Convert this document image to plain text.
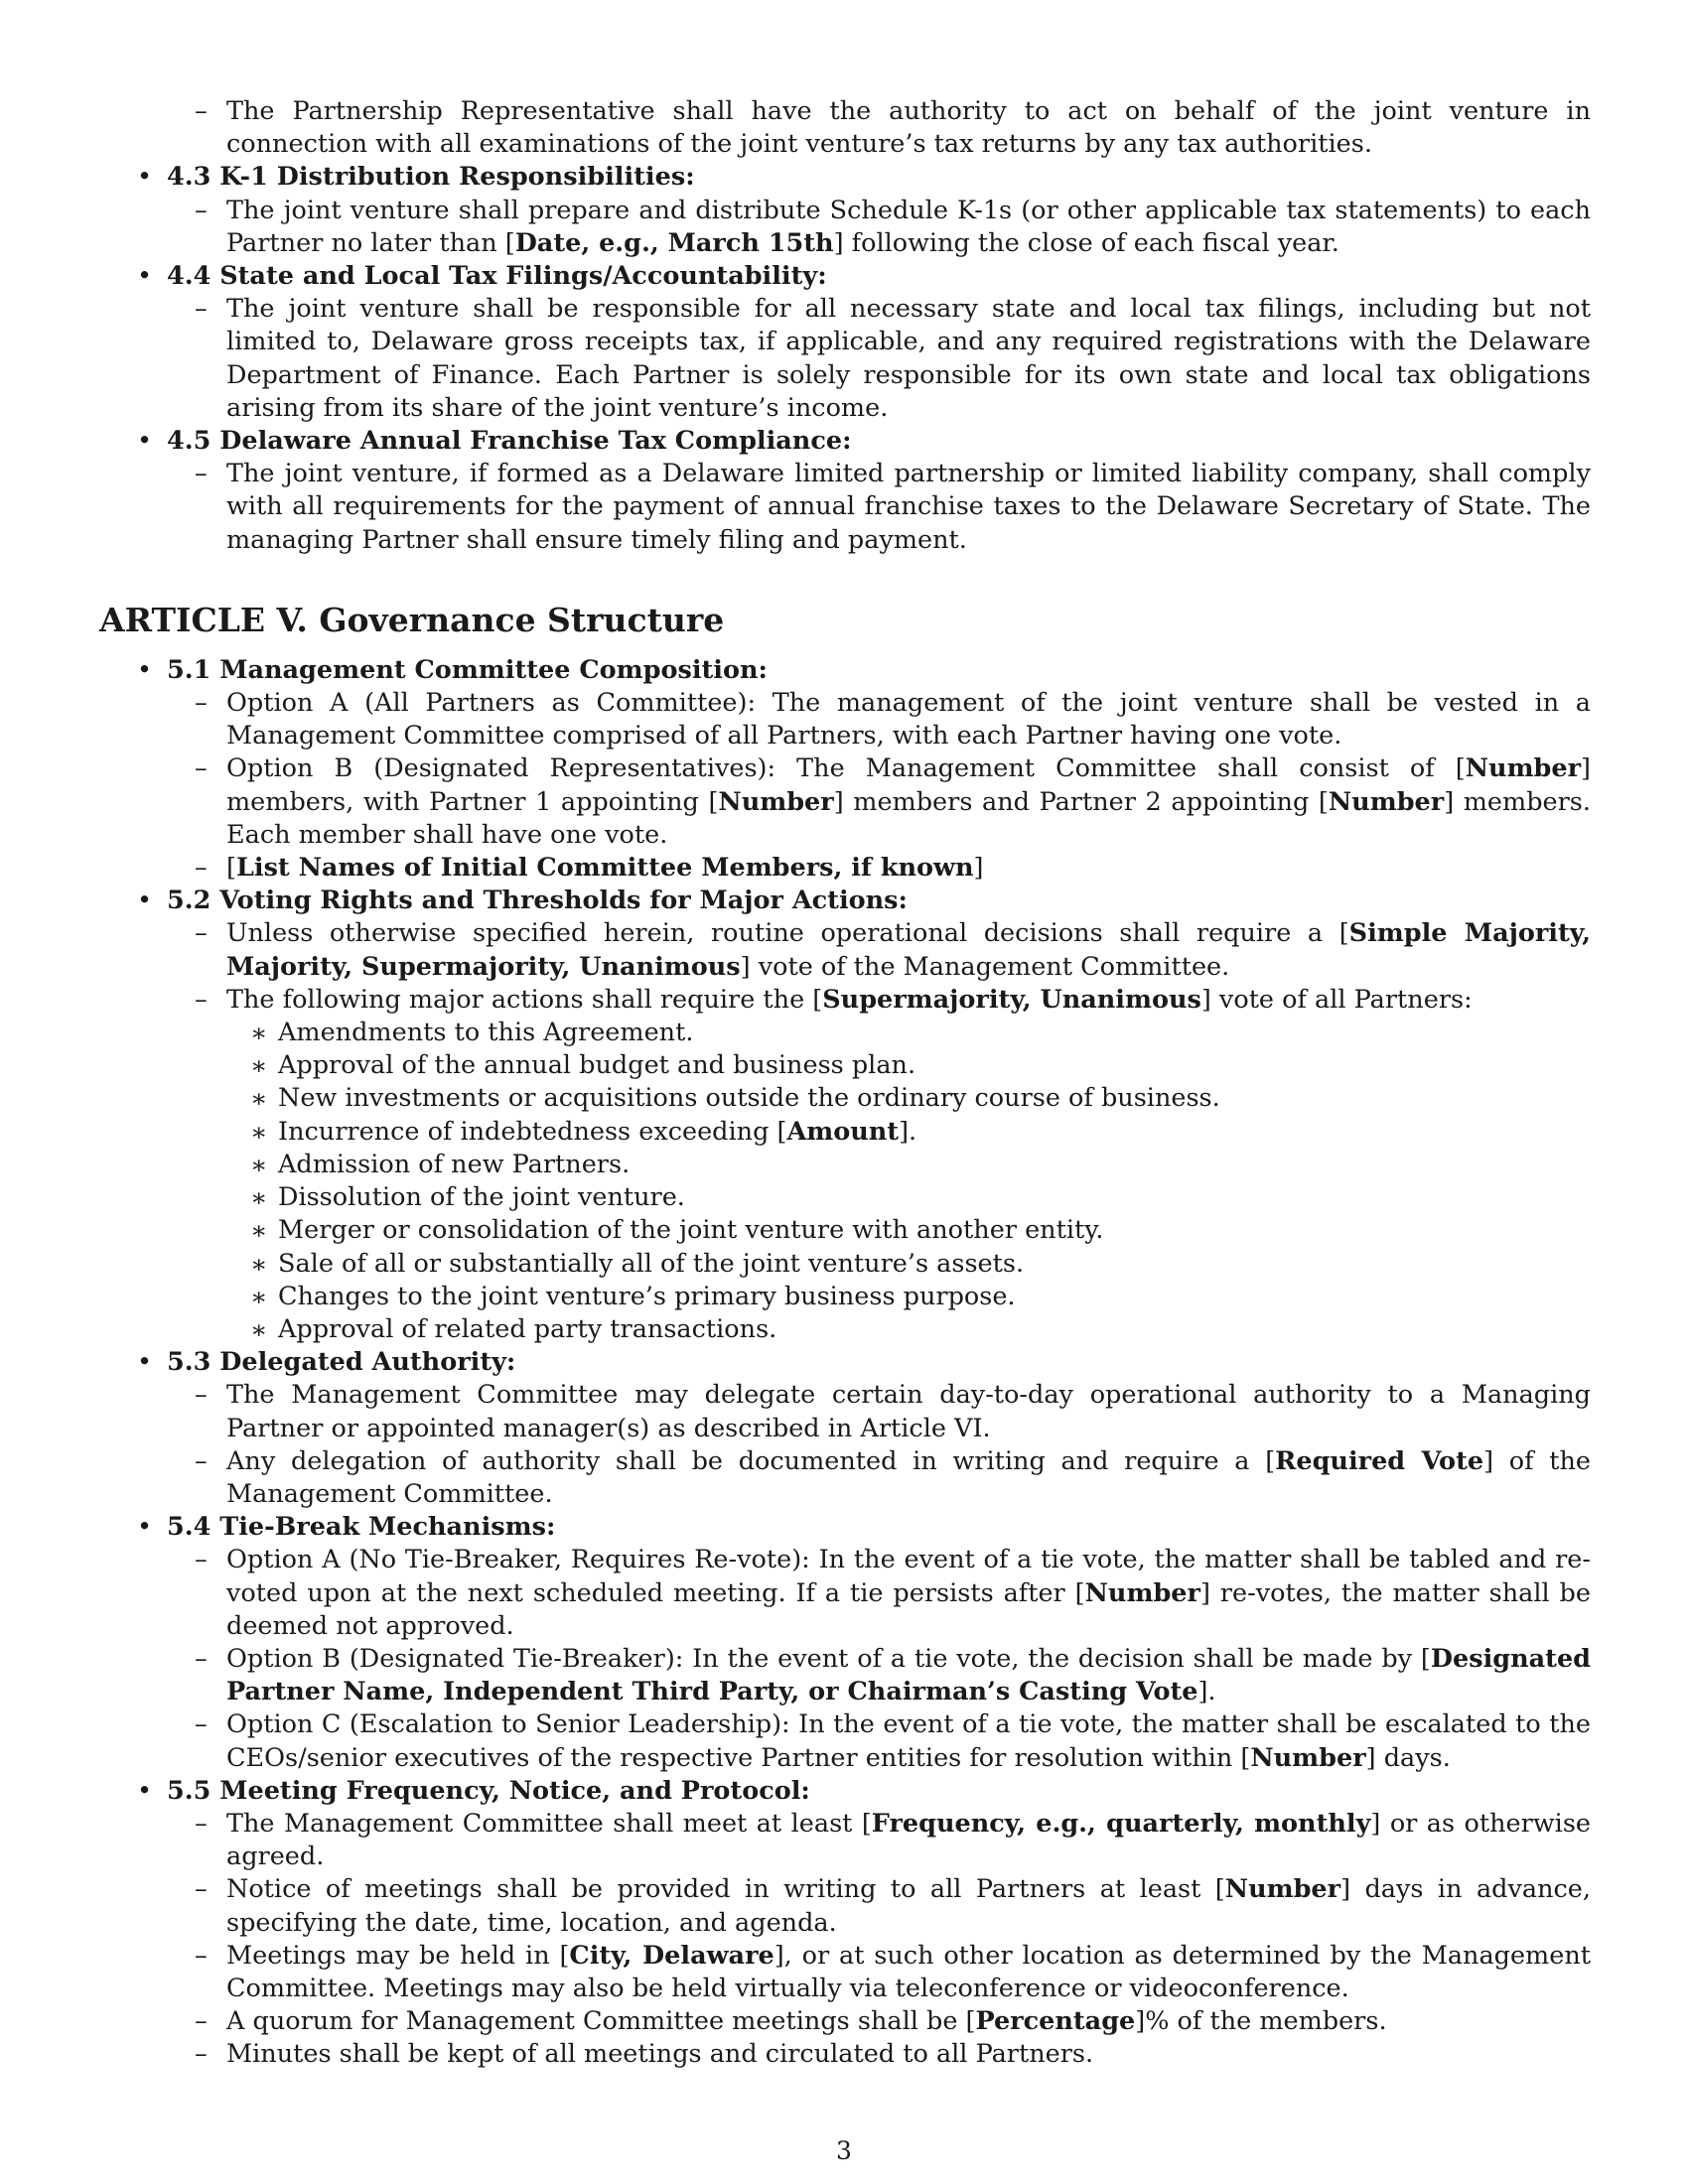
– The Partnership Representative shall have the authority to act on behalf of the joint venture in connection with all examinations of the joint venture’s tax returns by any tax authorities.
• 4.3 K-1 Distribution Responsibilities:
– The joint venture shall prepare and distribute Schedule K-1s (or other applicable tax statements) to each Partner no later than [Date, e.g., March 15th] following the close of each fiscal year.
• 4.4 State and Local Tax Filings/Accountability:
– The joint venture shall be responsible for all necessary state and local tax filings, including but not limited to, Delaware gross receipts tax, if applicable, and any required registrations with the Delaware Department of Finance. Each Partner is solely responsible for its own state and local tax obligations arising from its share of the joint venture’s income.
• 4.5 Delaware Annual Franchise Tax Compliance:
– The joint venture, if formed as a Delaware limited partnership or limited liability company, shall comply with all requirements for the payment of annual franchise taxes to the Delaware Secretary of State. The managing Partner shall ensure timely filing and payment.
ARTICLE V. Governance Structure
• 5.1 Management Committee Composition:
– Option A (All Partners as Committee): The management of the joint venture shall be vested in a Management Committee comprised of all Partners, with each Partner having one vote.
– Option B (Designated Representatives): The Management Committee shall consist of [Number] members, with Partner 1 appointing [Number] members and Partner 2 appointing [Number] members. Each member shall have one vote.
– [List Names of Initial Committee Members, if known]
• 5.2 Voting Rights and Thresholds for Major Actions:
– Unless otherwise specified herein, routine operational decisions shall require a [Simple Majority, Majority, Supermajority, Unanimous] vote of the Management Committee.
– The following major actions shall require the [Supermajority, Unanimous] vote of all Partners:
∗ Amendments to this Agreement.
∗ Approval of the annual budget and business plan.
∗ New investments or acquisitions outside the ordinary course of business.
∗ Incurrence of indebtedness exceeding [Amount].
∗ Admission of new Partners.
∗ Dissolution of the joint venture.
∗ Merger or consolidation of the joint venture with another entity.
∗ Sale of all or substantially all of the joint venture’s assets.
∗ Changes to the joint venture’s primary business purpose.
∗ Approval of related party transactions.
• 5.3 Delegated Authority:
– The Management Committee may delegate certain day-to-day operational authority to a Managing Partner or appointed manager(s) as described in Article VI.
– Any delegation of authority shall be documented in writing and require a [Required Vote] of the Management Committee.
• 5.4 Tie-Break Mechanisms:
– Option A (No Tie-Breaker, Requires Re-vote): In the event of a tie vote, the matter shall be tabled and re-voted upon at the next scheduled meeting. If a tie persists after [Number] re-votes, the matter shall be deemed not approved.
– Option B (Designated Tie-Breaker): In the event of a tie vote, the decision shall be made by [Designated Partner Name, Independent Third Party, or Chairman’s Casting Vote].
– Option C (Escalation to Senior Leadership): In the event of a tie vote, the matter shall be escalated to the CEOs/senior executives of the respective Partner entities for resolution within [Number] days.
• 5.5 Meeting Frequency, Notice, and Protocol:
– The Management Committee shall meet at least [Frequency, e.g., quarterly, monthly] or as otherwise agreed.
– Notice of meetings shall be provided in writing to all Partners at least [Number] days in advance, specifying the date, time, location, and agenda.
– Meetings may be held in [City, Delaware], or at such other location as determined by the Management Committee. Meetings may also be held virtually via teleconference or videoconference.
– A quorum for Management Committee meetings shall be [Percentage]% of the members.
– Minutes shall be kept of all meetings and circulated to all Partners.
3
